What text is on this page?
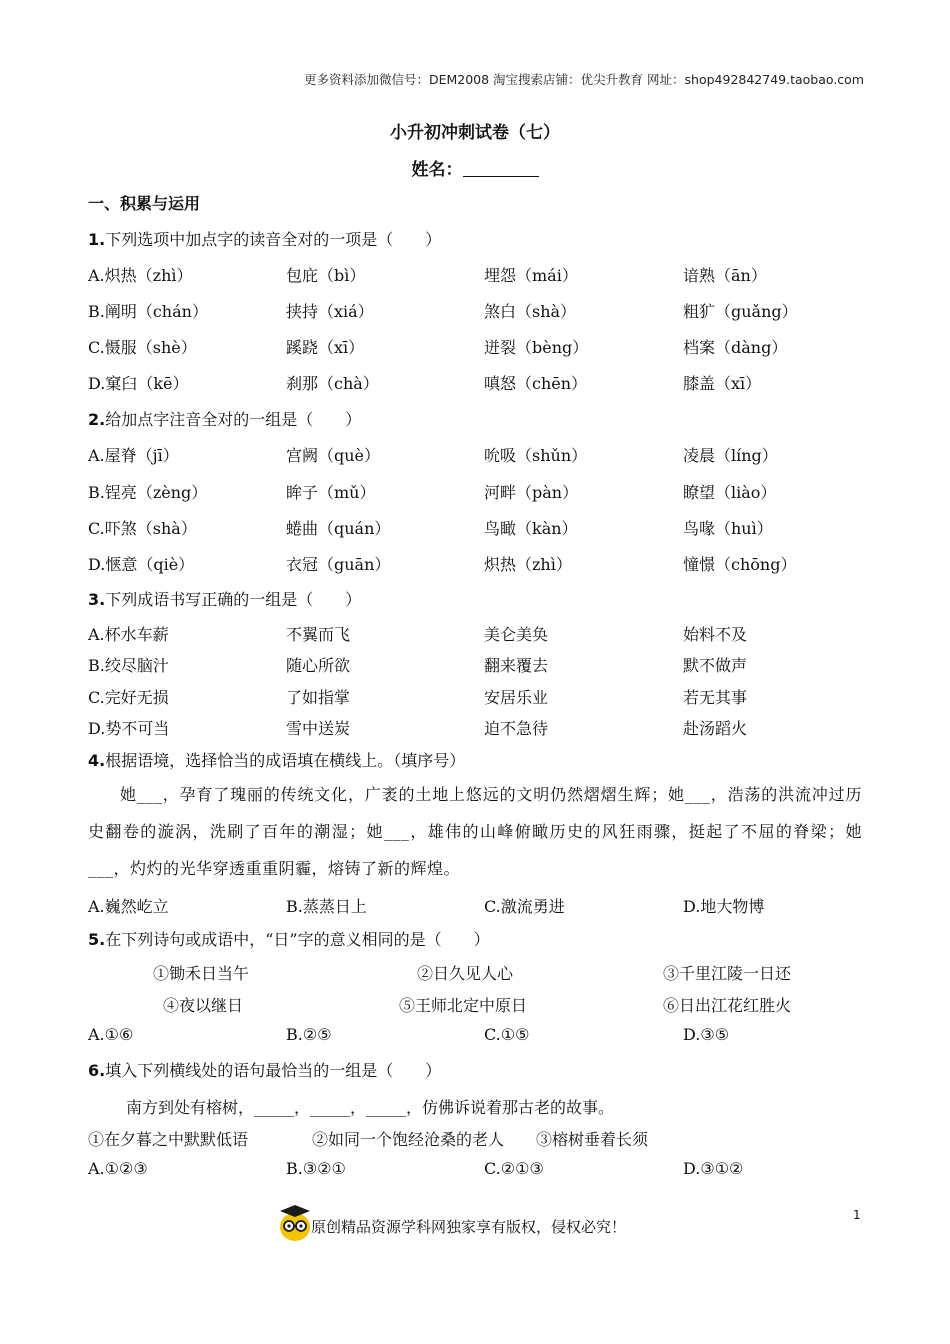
更多资料添加微信号：DEM2008 淘宝搜索店铺：优尖升教育 网址：shop492842749.taobao.com
小升初冲刺试卷（七）
姓名：
一、积累与运用
1.下列选项中加点字的读音全对的一项是（　　）
A.炽热（zhì）	包庇（bì）	埋怨（mái）	谙熟（ān）
B.阐明（chán）	挟持（xiá）	煞白（shà）	粗犷（guǎng）
C.慑服（shè）	蹊跷（xī）	迸裂（bèng）	档案（dàng）
D.窠臼（kē）	刹那（chà）	嗔怒（chēn）	膝盖（xī）
2.给加点字注音全对的一组是（　　）
A.屋脊（jī）	宫阙（què）	吮吸（shǔn）	凌晨（líng）
B.锃亮（zèng）	眸子（mǔ）	河畔（pàn）	瞭望（liào）
C.吓煞（shà）	蜷曲（quán）	鸟瞰（kàn）	鸟喙（huì）
D.惬意（qiè）	衣冠（guān）	炽热（zhì）	憧憬（chōng）
3.下列成语书写正确的一组是（　　）
A.杯水车薪	不翼而飞	美仑美奂	始料不及
B.绞尽脑汁	随心所欲	翻来覆去	默不做声
C.完好无损	了如指掌	安居乐业	若无其事
D.势不可当	雪中送炭	迫不急待	赴汤蹈火
4.根据语境，选择恰当的成语填在横线上。（填序号）
她___，孕育了瑰丽的传统文化，广袤的土地上悠远的文明仍然熠熠生辉；她___，浩荡的洪流冲过历史翻卷的漩涡，洗刷了百年的潮湿；她___，雄伟的山峰俯瞰历史的风狂雨骤，挺起了不屈的脊梁；她___，灼灼的光华穿透重重阴霾，熔铸了新的辉煌。
A.巍然屹立	B.蒸蒸日上	C.激流勇进	D.地大物博
5.在下列诗句或成语中，“日”字的意义相同的是（　　）
①锄禾日当午	②日久见人心	③千里江陵一日还
④夜以继日	⑤王师北定中原日	⑥日出江花红胜火
A.①⑥	B.②⑤	C.①⑤	D.③⑤
6.填入下列横线处的语句最恰当的一组是（　　）
南方到处有榕树，_____，_____，_____，仿佛诉说着那古老的故事。
①在夕暮之中默默低语　　　　②如同一个饱经沧桑的老人　　③榕树垂着长须
A.①②③	B.③②①	C.②①③	D.③①②
1
原创精品资源学科网独家享有版权，侵权必究！
